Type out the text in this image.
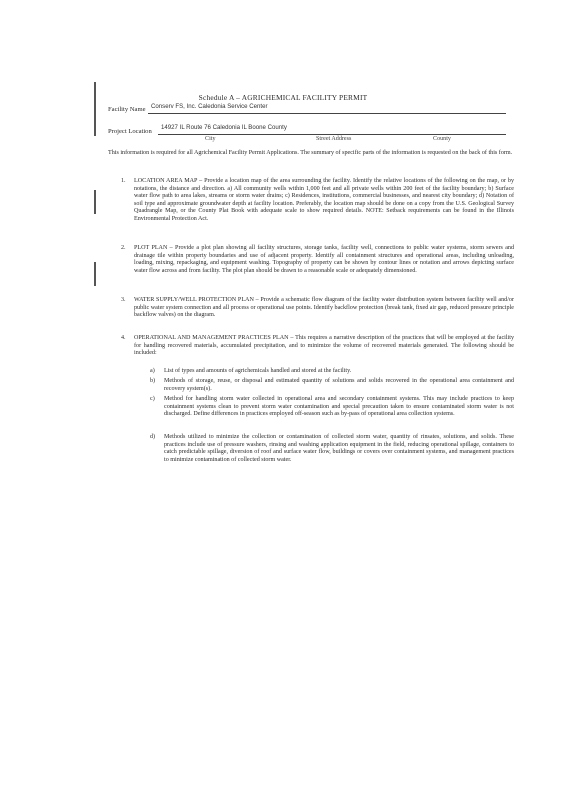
Schedule A – AGRICHEMICAL FACILITY PERMIT
Facility Name Conserv FS, Inc. Caledonia Service Center
Project Location
14927 IL Route 76 Caledonia IL Boone County
City	Street Address	County
This information is required for all Agrichemical Facility Permit Applications. The summary of specific parts of the information is requested on the back of this form.
1. LOCATION AREA MAP – Provide a location map of the area surrounding the facility. Identify the relative locations of the following on the map, or by notations, the distance and direction. a) All community wells within 1,000 feet and all private wells within 200 feet of the facility boundary; b) Surface water flow path to area lakes, streams or storm water drains; c) Residences, institutions, commercial businesses, and nearest city boundary; d) Notation of soil type and approximate groundwater depth at facility location. Preferably, the location map should be done on a copy from the U.S. Geological Survey Quadrangle Map, or the County Plat Book with adequate scale to show required details. NOTE: Setback requirements can be found in the Illinois Environmental Protection Act.
2. PLOT PLAN – Provide a plot plan showing all facility structures, storage tanks, facility well, connections to public water systems, storm sewers and drainage tile within property boundaries and use of adjacent property. Identify all containment structures and operational areas, including unloading, loading, mixing, repackaging, and equipment washing. Topography of property can be shown by contour lines or notation and arrows depicting surface water flow across and from facility. The plot plan should be drawn to a reasonable scale or adequately dimensioned.
3. WATER SUPPLY/WELL PROTECTION PLAN – Provide a schematic flow diagram of the facility water distribution system between facility well and/or public water system connection and all process or operational use points. Identify backflow protection (break tank, fixed air gap, reduced pressure principle backflow valves) on the diagram.
4. OPERATIONAL AND MANAGEMENT PRACTICES PLAN – This requires a narrative description of the practices that will be employed at the facility for handling recovered materials, accumulated precipitation, and to minimize the volume of recovered materials generated. The following should be included:
a) List of types and amounts of agrichemicals handled and stored at the facility.
b) Methods of storage, reuse, or disposal and estimated quantity of solutions and solids recovered in the operational area containment and recovery system(s).
c) Method for handling storm water collected in operational area and secondary containment systems. This may include practices to keep containment systems clean to prevent storm water contamination and special precaution taken to ensure contaminated storm water is not discharged. Define differences in practices employed off-season such as by-pass of operational area collection systems.
d) Methods utilized to minimize the collection or contamination of collected storm water, quantity of rinsates, solutions, and solids. These practices include use of pressure washers, rinsing and washing application equipment in the field, reducing operational spillage, containers to catch predictable spillage, diversion of roof and surface water flow, buildings or covers over containment systems, and management practices to minimize contamination of collected storm water.
